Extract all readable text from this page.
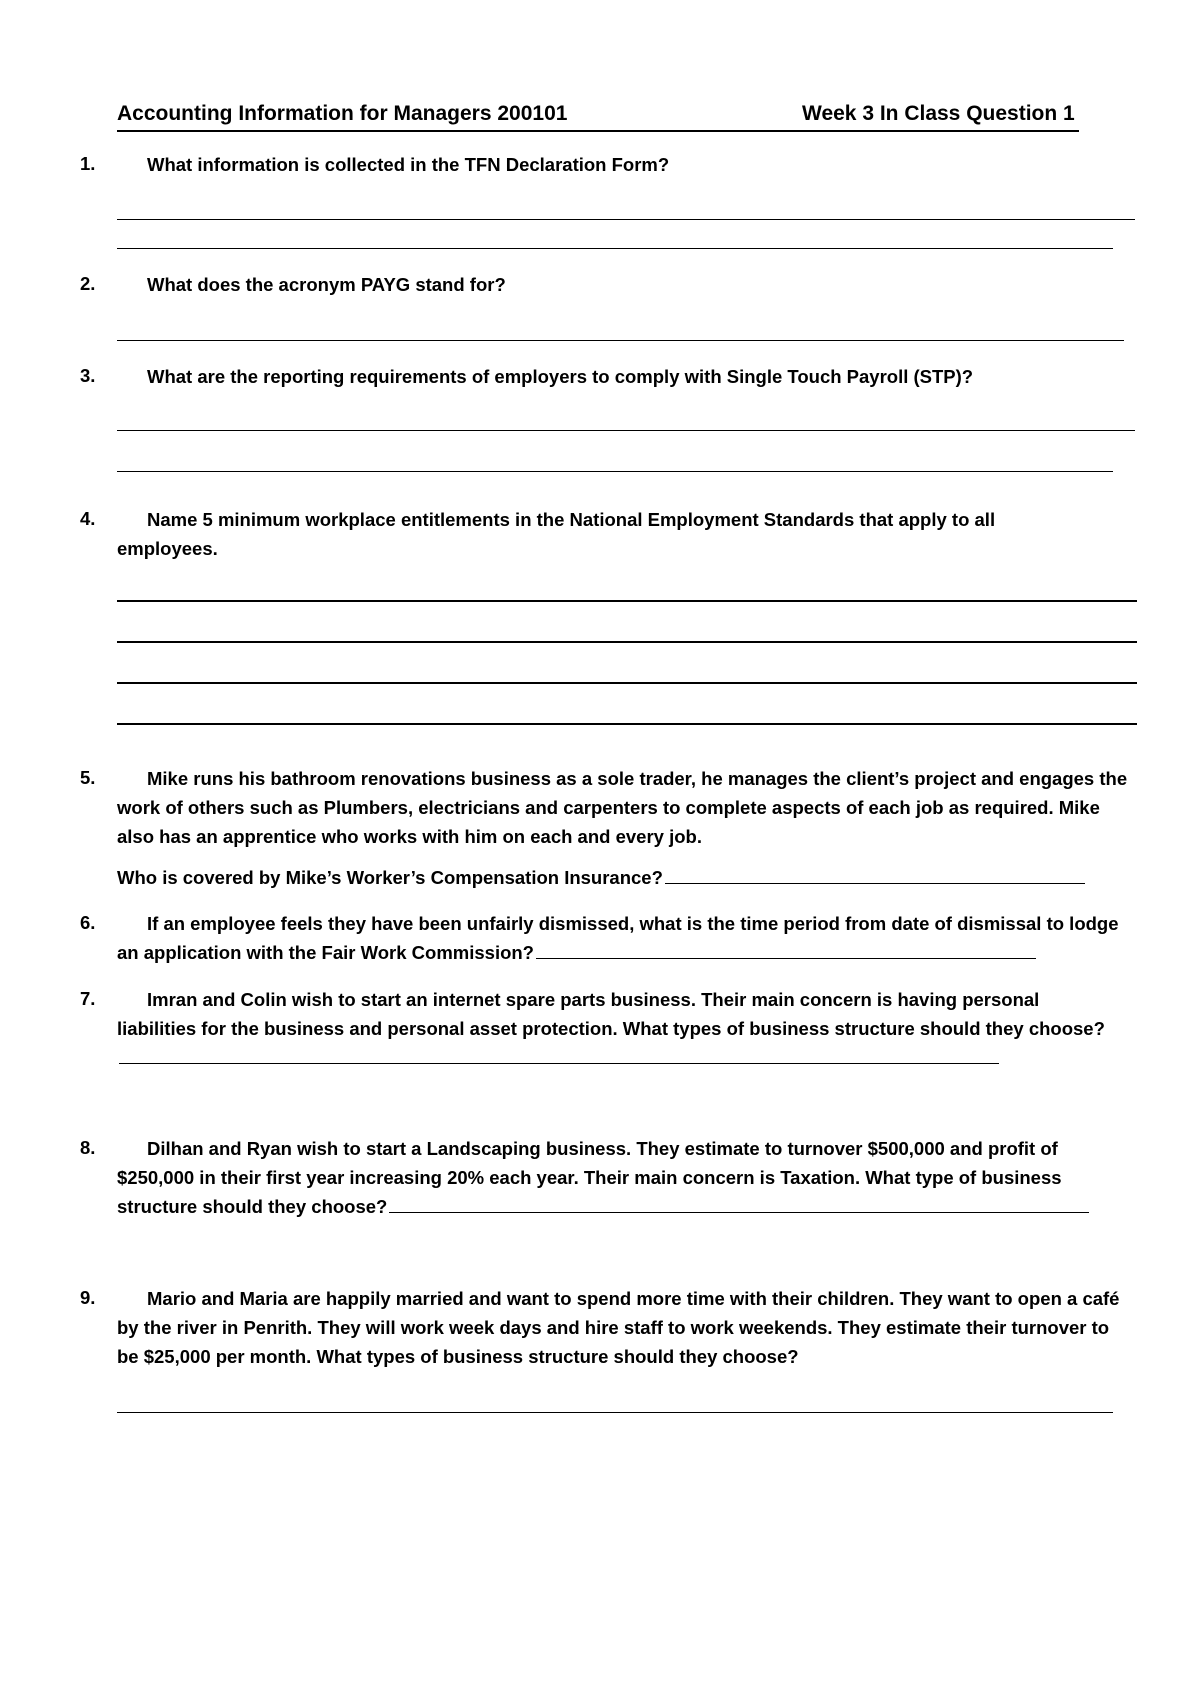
Accounting Information for Managers 200101	Week 3 In Class Question 1
1.	What information is collected in the TFN Declaration Form?
2.	What does the acronym PAYG stand for?
3.	What are the reporting requirements of employers to comply with Single Touch Payroll (STP)?
4.	Name 5 minimum workplace entitlements in the National Employment Standards that apply to all employees.
5.	Mike runs his bathroom renovations business as a sole trader, he manages the client’s project and engages the work of others such as Plumbers, electricians and carpenters to complete aspects of each job as required. Mike also has an apprentice who works with him on each and every job.
Who is covered by Mike’s Worker’s Compensation Insurance?
6.	If an employee feels they have been unfairly dismissed, what is the time period from date of dismissal to lodge an application with the Fair Work Commission?
7.	Imran and Colin wish to start an internet spare parts business. Their main concern is having personal liabilities for the business and personal asset protection. What types of business structure should they choose?
8.	Dilhan and Ryan wish to start a Landscaping business. They estimate to turnover $500,000 and profit of $250,000 in their first year increasing 20% each year. Their main concern is Taxation. What type of business structure should they choose?
9.	Mario and Maria are happily married and want to spend more time with their children. They want to open a café by the river in Penrith. They will work week days and hire staff to work weekends. They estimate their turnover to be $25,000 per month. What types of business structure should they choose?
